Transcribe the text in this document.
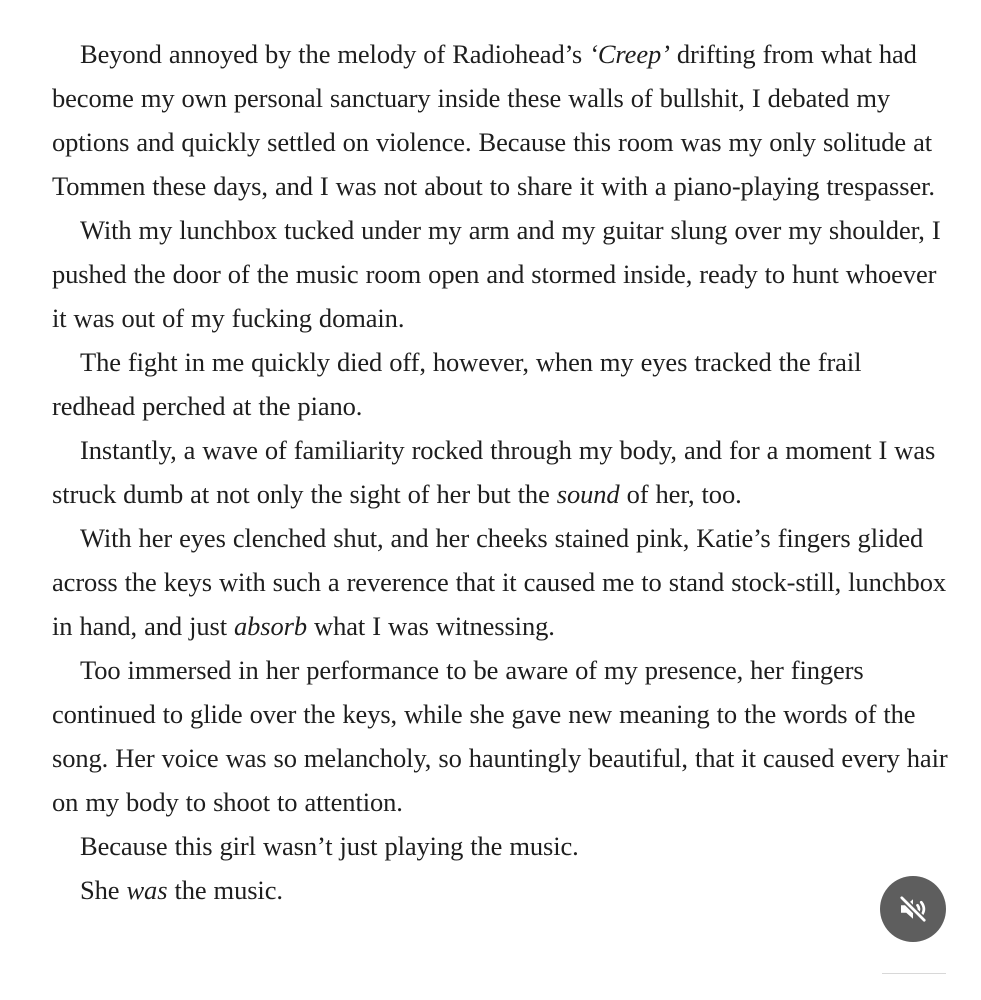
Beyond annoyed by the melody of Radiohead’s ‘Creep’ drifting from what had become my own personal sanctuary inside these walls of bullshit, I debated my options and quickly settled on violence. Because this room was my only solitude at Tommen these days, and I was not about to share it with a piano-playing trespasser.

With my lunchbox tucked under my arm and my guitar slung over my shoulder, I pushed the door of the music room open and stormed inside, ready to hunt whoever it was out of my fucking domain.

The fight in me quickly died off, however, when my eyes tracked the frail redhead perched at the piano.

Instantly, a wave of familiarity rocked through my body, and for a moment I was struck dumb at not only the sight of her but the sound of her, too.

With her eyes clenched shut, and her cheeks stained pink, Katie’s fingers glided across the keys with such a reverence that it caused me to stand stock-still, lunchbox in hand, and just absorb what I was witnessing.

Too immersed in her performance to be aware of my presence, her fingers continued to glide over the keys, while she gave new meaning to the words of the song. Her voice was so melancholy, so hauntingly beautiful, that it caused every hair on my body to shoot to attention.

Because this girl wasn’t just playing the music.

She was the music.
